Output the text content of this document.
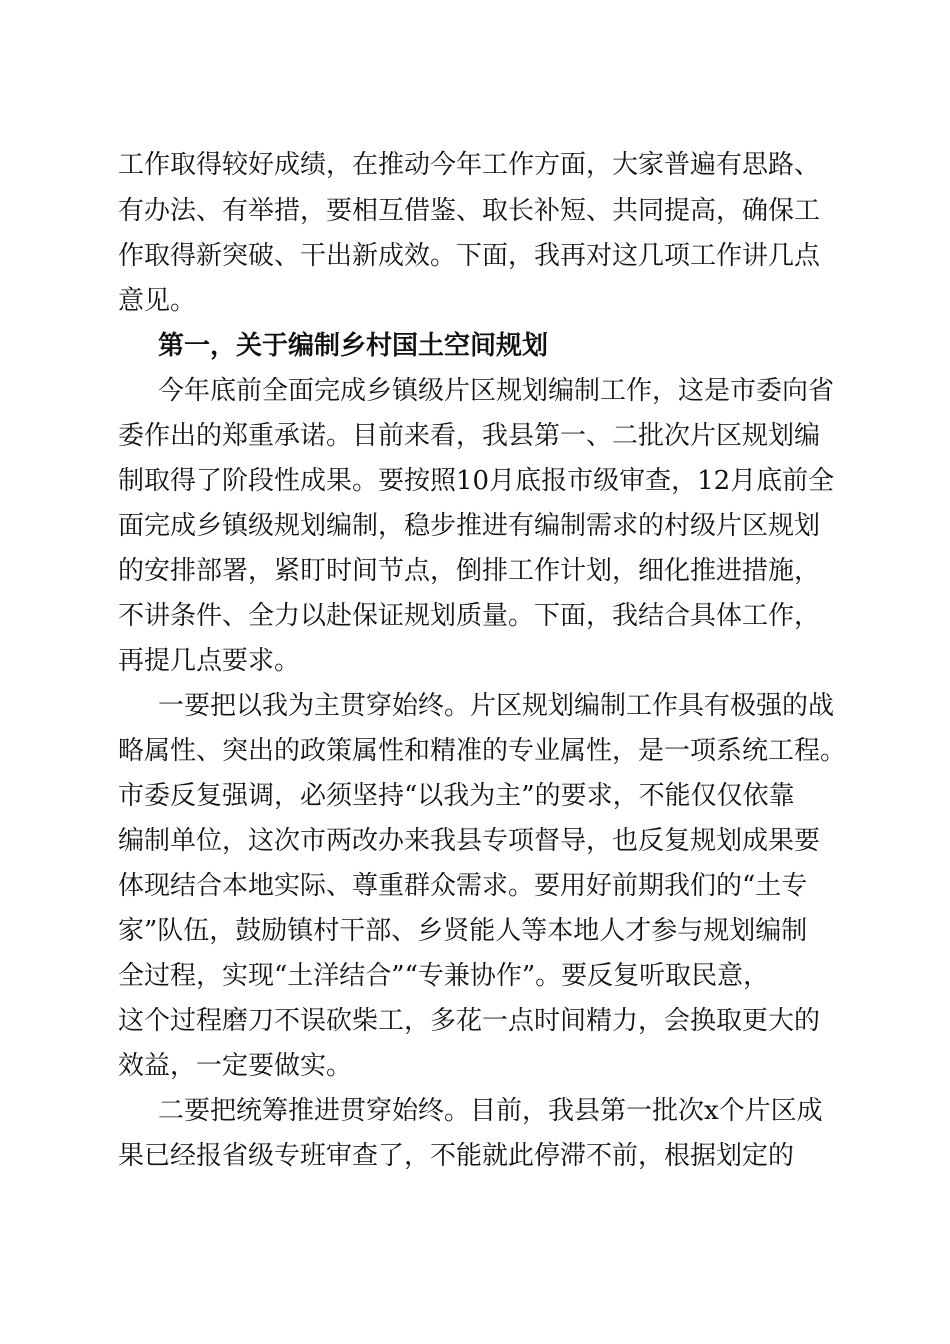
工作取得较好成绩，在推动今年工作方面，大家普遍有思路、
有办法、有举措，要相互借鉴、取长补短、共同提高，确保工
作取得新突破、干出新成效。下面，我再对这几项工作讲几点
意见。
第一，关于编制乡村国土空间规划
今年底前全面完成乡镇级片区规划编制工作，这是市委向省
委作出的郑重承诺。目前来看，我县第一、二批次片区规划编
制取得了阶段性成果。要按照10月底报市级审查，12月底前全
面完成乡镇级规划编制，稳步推进有编制需求的村级片区规划
的安排部署，紧盯时间节点，倒排工作计划，细化推进措施，
不讲条件、全力以赴保证规划质量。下面，我结合具体工作，
再提几点要求。
一要把以我为主贯穿始终。片区规划编制工作具有极强的战
略属性、突出的政策属性和精准的专业属性，是一项系统工程。
市委反复强调，必须坚持“以我为主”的要求，不能仅仅依靠
编制单位，这次市两改办来我县专项督导，也反复规划成果要
体现结合本地实际、尊重群众需求。要用好前期我们的“土专
家”队伍，鼓励镇村干部、乡贤能人等本地人才参与规划编制
全过程，实现“土洋结合”“专兼协作”。要反复听取民意，
这个过程磨刀不误砍柴工，多花一点时间精力，会换取更大的
效益，一定要做实。
二要把统筹推进贯穿始终。目前，我县第一批次x个片区成
果已经报省级专班审查了，不能就此停滞不前，根据划定的
